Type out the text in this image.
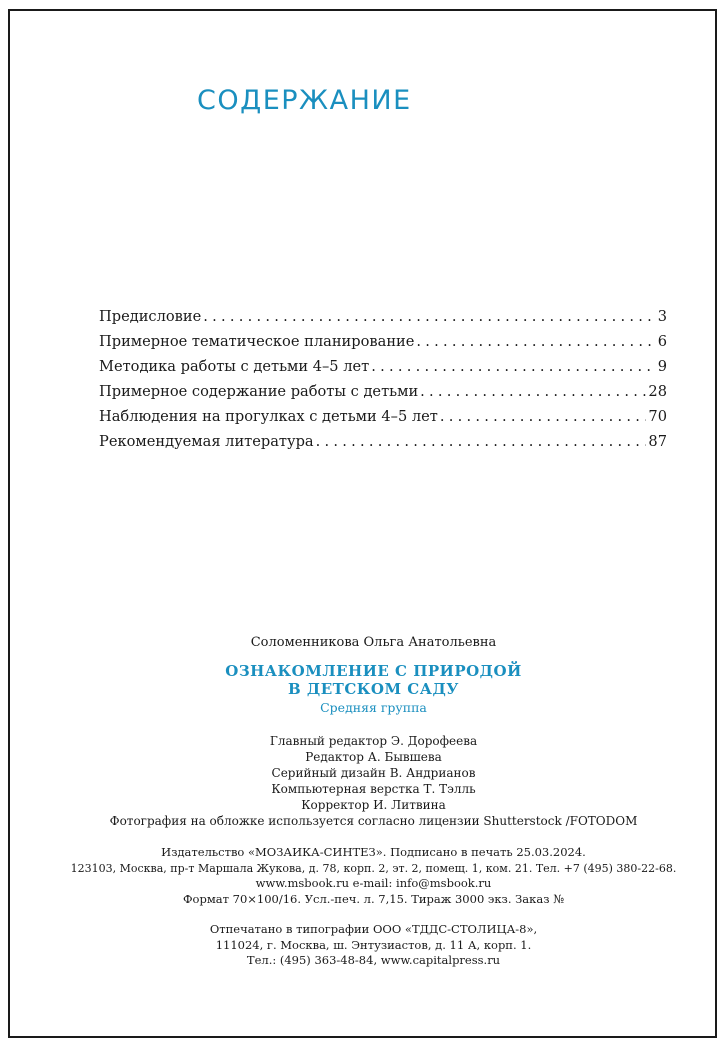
СОДЕРЖАНИЕ
Предисловие . . .	3
Примерное тематическое планирование . . .	6
Методика работы с детьми 4–5 лет . . .	9
Примерное содержание работы с детьми . . .	28
Наблюдения на прогулках с детьми 4–5 лет . . .	70
Рекомендуемая литература . . .	87
Соломенникова Ольга Анатольевна
ОЗНАКОМЛЕНИЕ С ПРИРОДОЙ
В ДЕТСКОМ САДУ
Средняя группа
Главный редактор Э. Дорофеева
Редактор А. Бывшева
Серийный дизайн В. Андрианов
Компьютерная верстка Т. Тэлль
Корректор И. Литвина
Фотография на обложке используется согласно лицензии Shutterstock /FOTODOM
Издательство «МОЗАИКА-СИНТЕЗ». Подписано в печать 25.03.2024.
123103, Москва, пр-т Маршала Жукова, д. 78, корп. 2, эт. 2, помещ. 1, ком. 21. Тел. +7 (495) 380-22-68.
www.msbook.ru e-mail: info@msbook.ru
Формат 70×100/16. Усл.-печ. л. 7,15. Тираж 3000 экз. Заказ №
Отпечатано в типографии ООО «ТДДС-СТОЛИЦА-8»,
111024, г. Москва, ш. Энтузиастов, д. 11 А, корп. 1.
Тел.: (495) 363-48-84, www.capitalpress.ru
